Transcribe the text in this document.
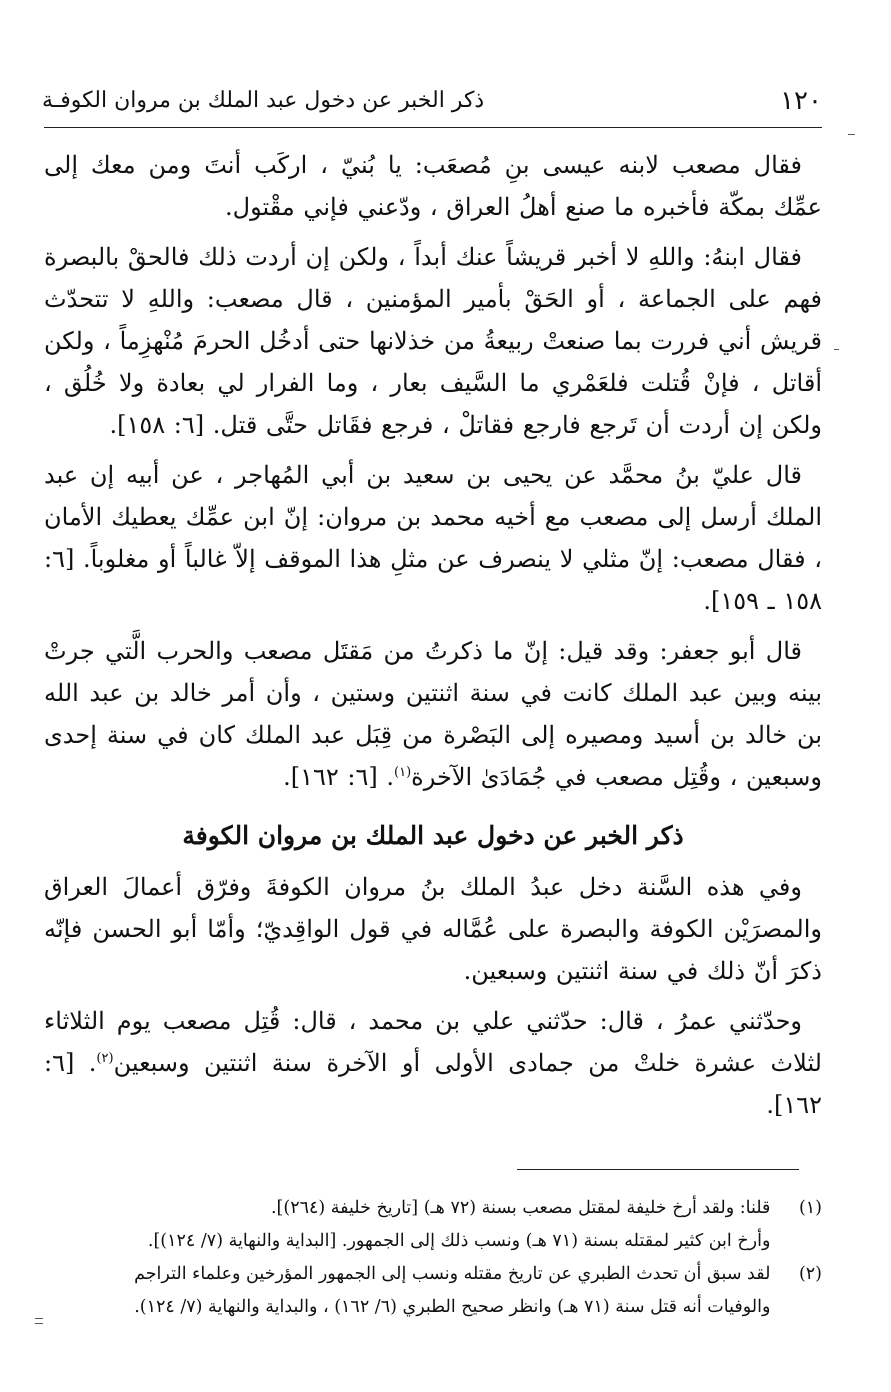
١٢٠
ذكر الخبر عن دخول عبد الملك بن مروان الكوفـة

فقال مصعب لابنه عيسى بنِ مُصعَب: يا بُنيّ ، اركَب أنتَ ومن معك إلى عمِّك بمكّة فأخبره ما صنع أهلُ العراق ، ودّعني فإني مقْتول.

فقال ابنهُ: واللهِ لا أخبر قريشاً عنك أبداً ، ولكن إن أردت ذلك فالحقْ بالبصرة فهم على الجماعة ، أو الحَقْ بأمير المؤمنين ، قال مصعب: واللهِ لا تتحدّث قريش أني فررت بما صنعتْ ربيعةُ من خذلانها حتى أدخُل الحرمَ مُنْهزِماً ، ولكن أقاتل ، فإنْ قُتلت فلعَمْري ما السَّيف بعار ، وما الفرار لي بعادة ولا خُلُق ، ولكن إن أردت أن تَرجع فارجع فقاتلْ ، فرجع فقَاتل حتَّى قتل. [٦: ١٥٨].

قال عليّ بنُ محمَّد عن يحيى بن سعيد بن أبي المُهاجر ، عن أبيه إن عبد الملك أرسل إلى مصعب مع أخيه محمد بن مروان: إنّ ابن عمِّك يعطيك الأمان ، فقال مصعب: إنّ مثلي لا ينصرف عن مثلِ هذا الموقف إلاّ غالباً أو مغلوباً. [٦: ١٥٨ ـ ١٥٩].

قال أبو جعفر: وقد قيل: إنّ ما ذكرتُ من مَقتَل مصعب والحرب الَّتي جرتْ بينه وبين عبد الملك كانت في سنة اثنتين وستين ، وأن أمر خالد بن عبد الله بن خالد بن أسيد ومصيره إلى البَصْرة من قِبَل عبد الملك كان في سنة إحدى وسبعين ، وقُتِل مصعب في جُمَادَىٰ الآخرة$^{(١)}$. [٦: ١٦٢].

ذكر الخبر عن دخول عبد الملك بن مروان الكوفة

وفي هذه السَّنة دخل عبدُ الملك بنُ مروان الكوفةَ وفرّق أعمالَ العراق والمصرَيْن الكوفة والبصرة على عُمَّاله في قول الواقِديّ؛ وأمّا أبو الحسن فإنّه ذكرَ أنّ ذلك في سنة اثنتين وسبعين.

وحدّثني عمرُ ، قال: حدّثني علي بن محمد ، قال: قُتِل مصعب يوم الثلاثاء لثلاث عشرة خلتْ من جمادى الأولى أو الآخرة سنة اثنتين وسبعين$^{(٢)}$. [٦: ١٦٢].

(١) قلنا: ولقد أرخ خليفة لمقتل مصعب بسنة (٧٢ هـ) [تاريخ خليفة (٢٦٤)].
وأرخ ابن كثير لمقتله بسنة (٧١ هـ) ونسب ذلك إلى الجمهور. [البداية والنهاية (٧/ ١٢٤)].
(٢) لقد سبق أن تحدث الطبري عن تاريخ مقتله ونسب إلى الجمهور المؤرخين وعلماء التراجم
والوفيات أنه قتل سنة (٧١ هـ) وانظر صحيح الطبري (٦/ ١٦٢) ، والبداية والنهاية (٧/ ١٢٤).
